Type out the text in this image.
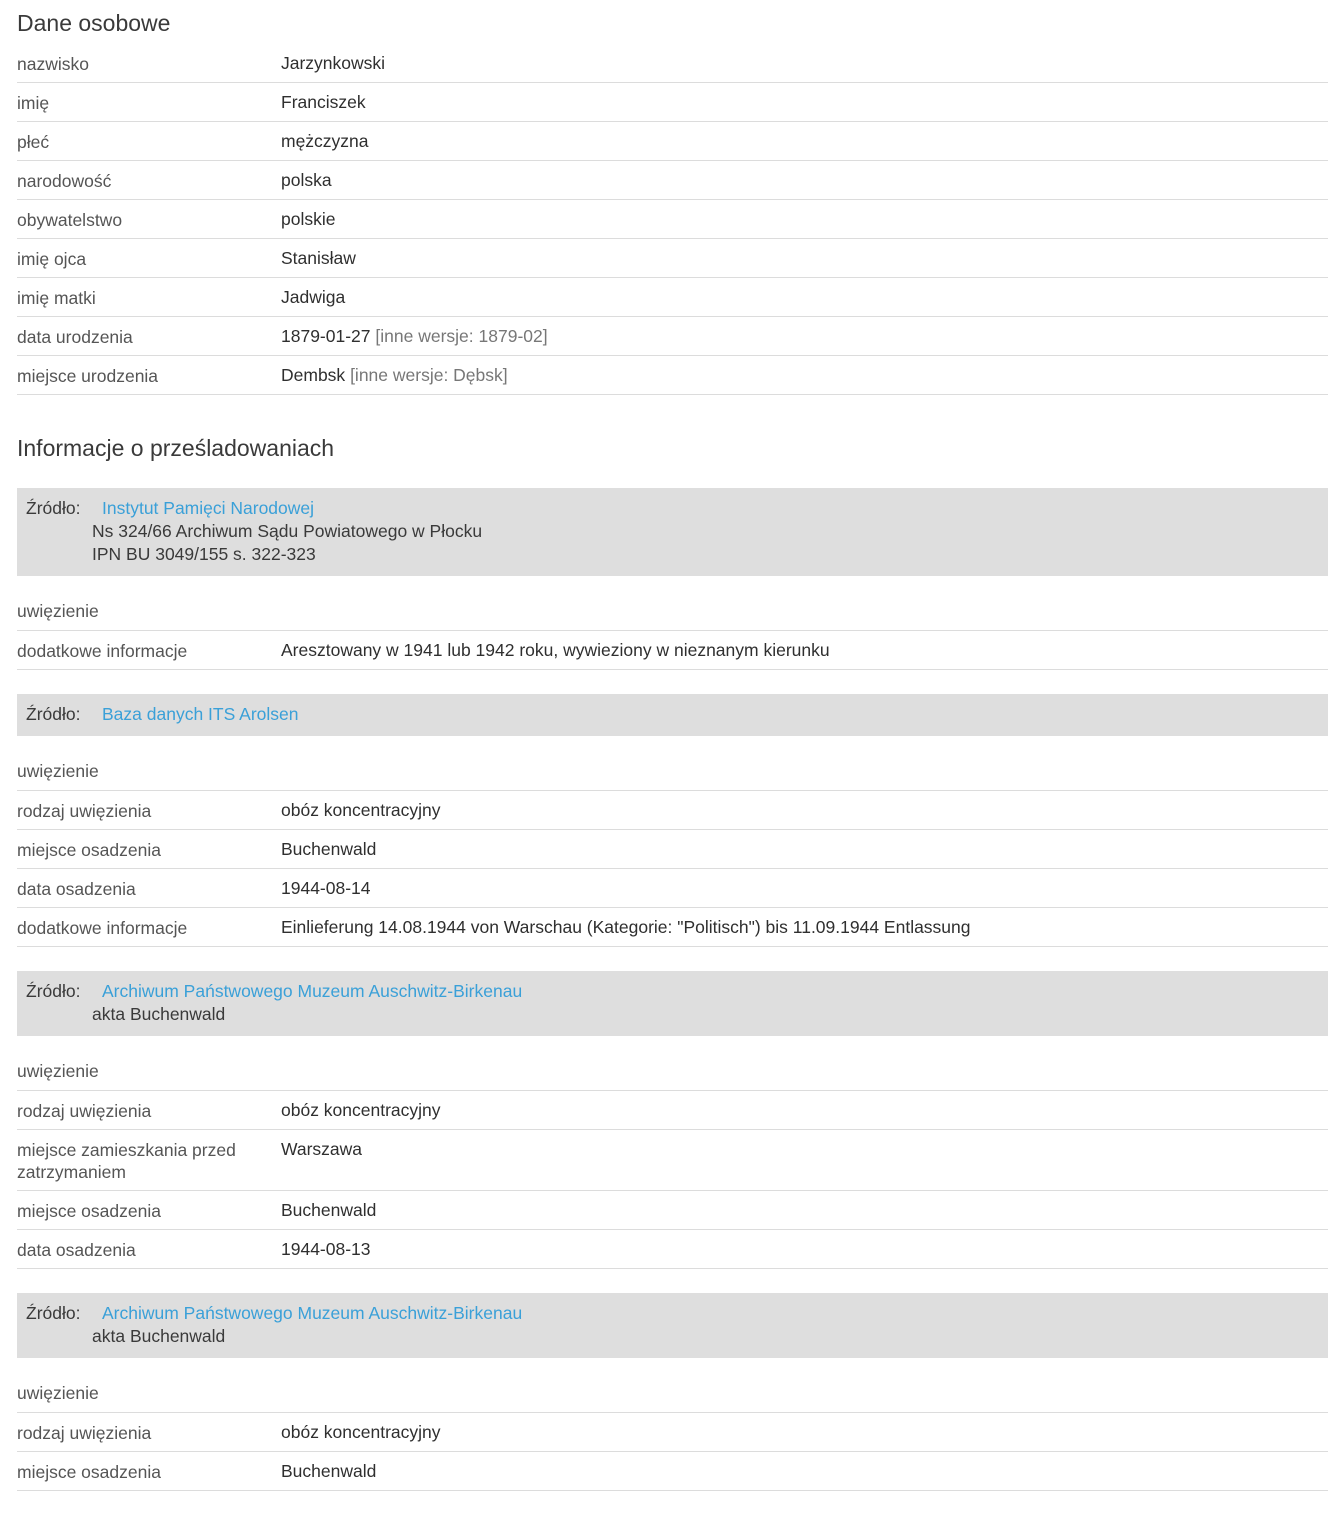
Dane osobowe
nazwisko	Jarzynkowski
imię	Franciszek
płeć	mężczyzna
narodowość	polska
obywatelstwo	polskie
imię ojca	Stanisław
imię matki	Jadwiga
data urodzenia	1879-01-27 [inne wersje: 1879-02]
miejsce urodzenia	Dembsk [inne wersje: Dębsk]
Informacje o prześladowaniach
Źródło: Instytut Pamięci Narodowej
Ns 324/66 Archiwum Sądu Powiatowego w Płocku
IPN BU 3049/155 s. 322-323
uwięzienie
dodatkowe informacje	Aresztowany w 1941 lub 1942 roku, wywieziony w nieznanym kierunku
Źródło: Baza danych ITS Arolsen
uwięzienie
rodzaj uwięzienia	obóz koncentracyjny
miejsce osadzenia	Buchenwald
data osadzenia	1944-08-14
dodatkowe informacje	Einlieferung 14.08.1944 von Warschau (Kategorie: "Politisch") bis 11.09.1944 Entlassung
Źródło: Archiwum Państwowego Muzeum Auschwitz-Birkenau
akta Buchenwald
uwięzienie
rodzaj uwięzienia	obóz koncentracyjny
miejsce zamieszkania przed zatrzymaniem	Warszawa
miejsce osadzenia	Buchenwald
data osadzenia	1944-08-13
Źródło: Archiwum Państwowego Muzeum Auschwitz-Birkenau
akta Buchenwald
uwięzienie
rodzaj uwięzienia	obóz koncentracyjny
miejsce osadzenia	Buchenwald
